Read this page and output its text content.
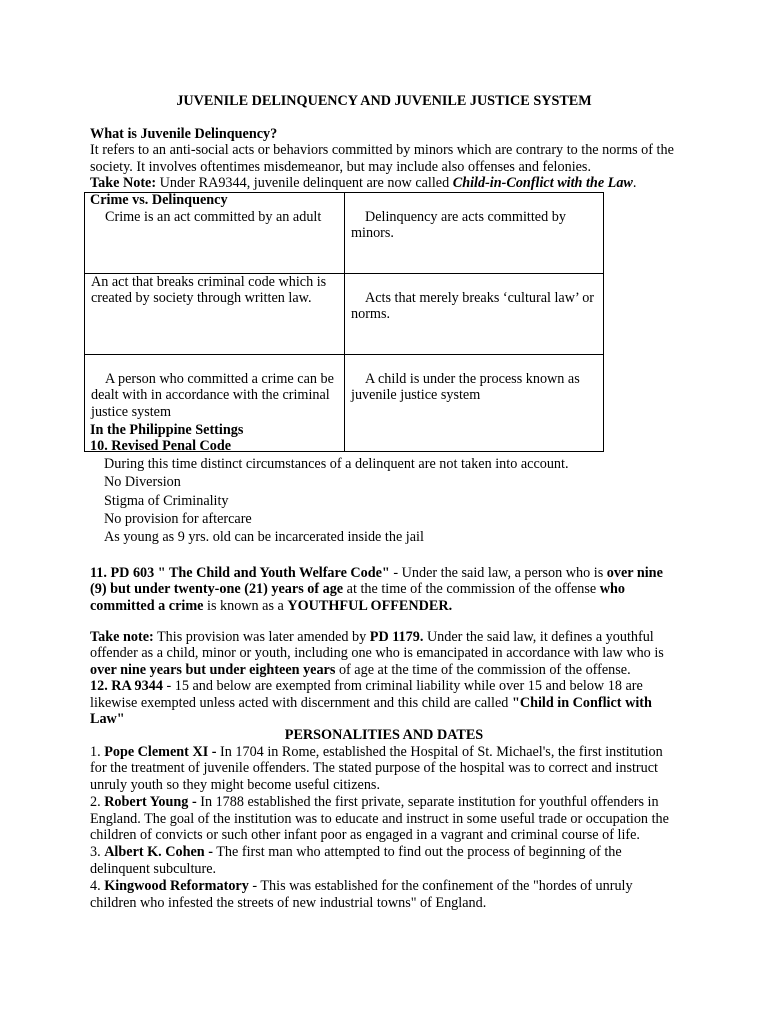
JUVENILE DELINQUENCY AND JUVENILE JUSTICE SYSTEM
What is Juvenile Delinquency?
It refers to an anti-social acts or behaviors committed by minors which are contrary to the norms of the society. It involves oftentimes misdemeanor, but may include also offenses and felonies.
Take Note: Under RA9344, juvenile delinquent are now called Child-in-Conflict with the Law.
Crime vs. Delinquency
Crime is an act committed by an adult	Delinquency are acts committed by minors.
An act that breaks criminal code which is created by society through written law.	Acts that merely breaks ‘cultural law’ or norms.
A person who committed a crime can be dealt with in accordance with the criminal justice system	A child is under the process known as juvenile justice system
In the Philippine Settings
10. Revised Penal Code
During this time distinct circumstances of a delinquent are not taken into account.
No Diversion
Stigma of Criminality
No provision for aftercare
As young as 9 yrs. old can be incarcerated inside the jail
11. PD 603 " The Child and Youth Welfare Code" - Under the said law, a person who is over nine (9) but under twenty-one (21) years of age at the time of the commission of the offense who committed a crime is known as a YOUTHFUL OFFENDER.
Take note: This provision was later amended by PD 1179. Under the said law, it defines a youthful offender as a child, minor or youth, including one who is emancipated in accordance with law who is over nine years but under eighteen years of age at the time of the commission of the offense.
12. RA 9344 - 15 and below are exempted from criminal liability while over 15 and below 18 are likewise exempted unless acted with discernment and this child are called "Child in Conflict with Law"
PERSONALITIES AND DATES
1. Pope Clement XI - In 1704 in Rome, established the Hospital of St. Michael's, the first institution for the treatment of juvenile offenders. The stated purpose of the hospital was to correct and instruct unruly youth so they might become useful citizens.
2. Robert Young - In 1788 established the first private, separate institution for youthful offenders in England. The goal of the institution was to educate and instruct in some useful trade or occupation the children of convicts or such other infant poor as engaged in a vagrant and criminal course of life.
3. Albert K. Cohen - The first man who attempted to find out the process of beginning of the delinquent subculture.
4. Kingwood Reformatory - This was established for the confinement of the "hordes of unruly children who infested the streets of new industrial towns" of England.
